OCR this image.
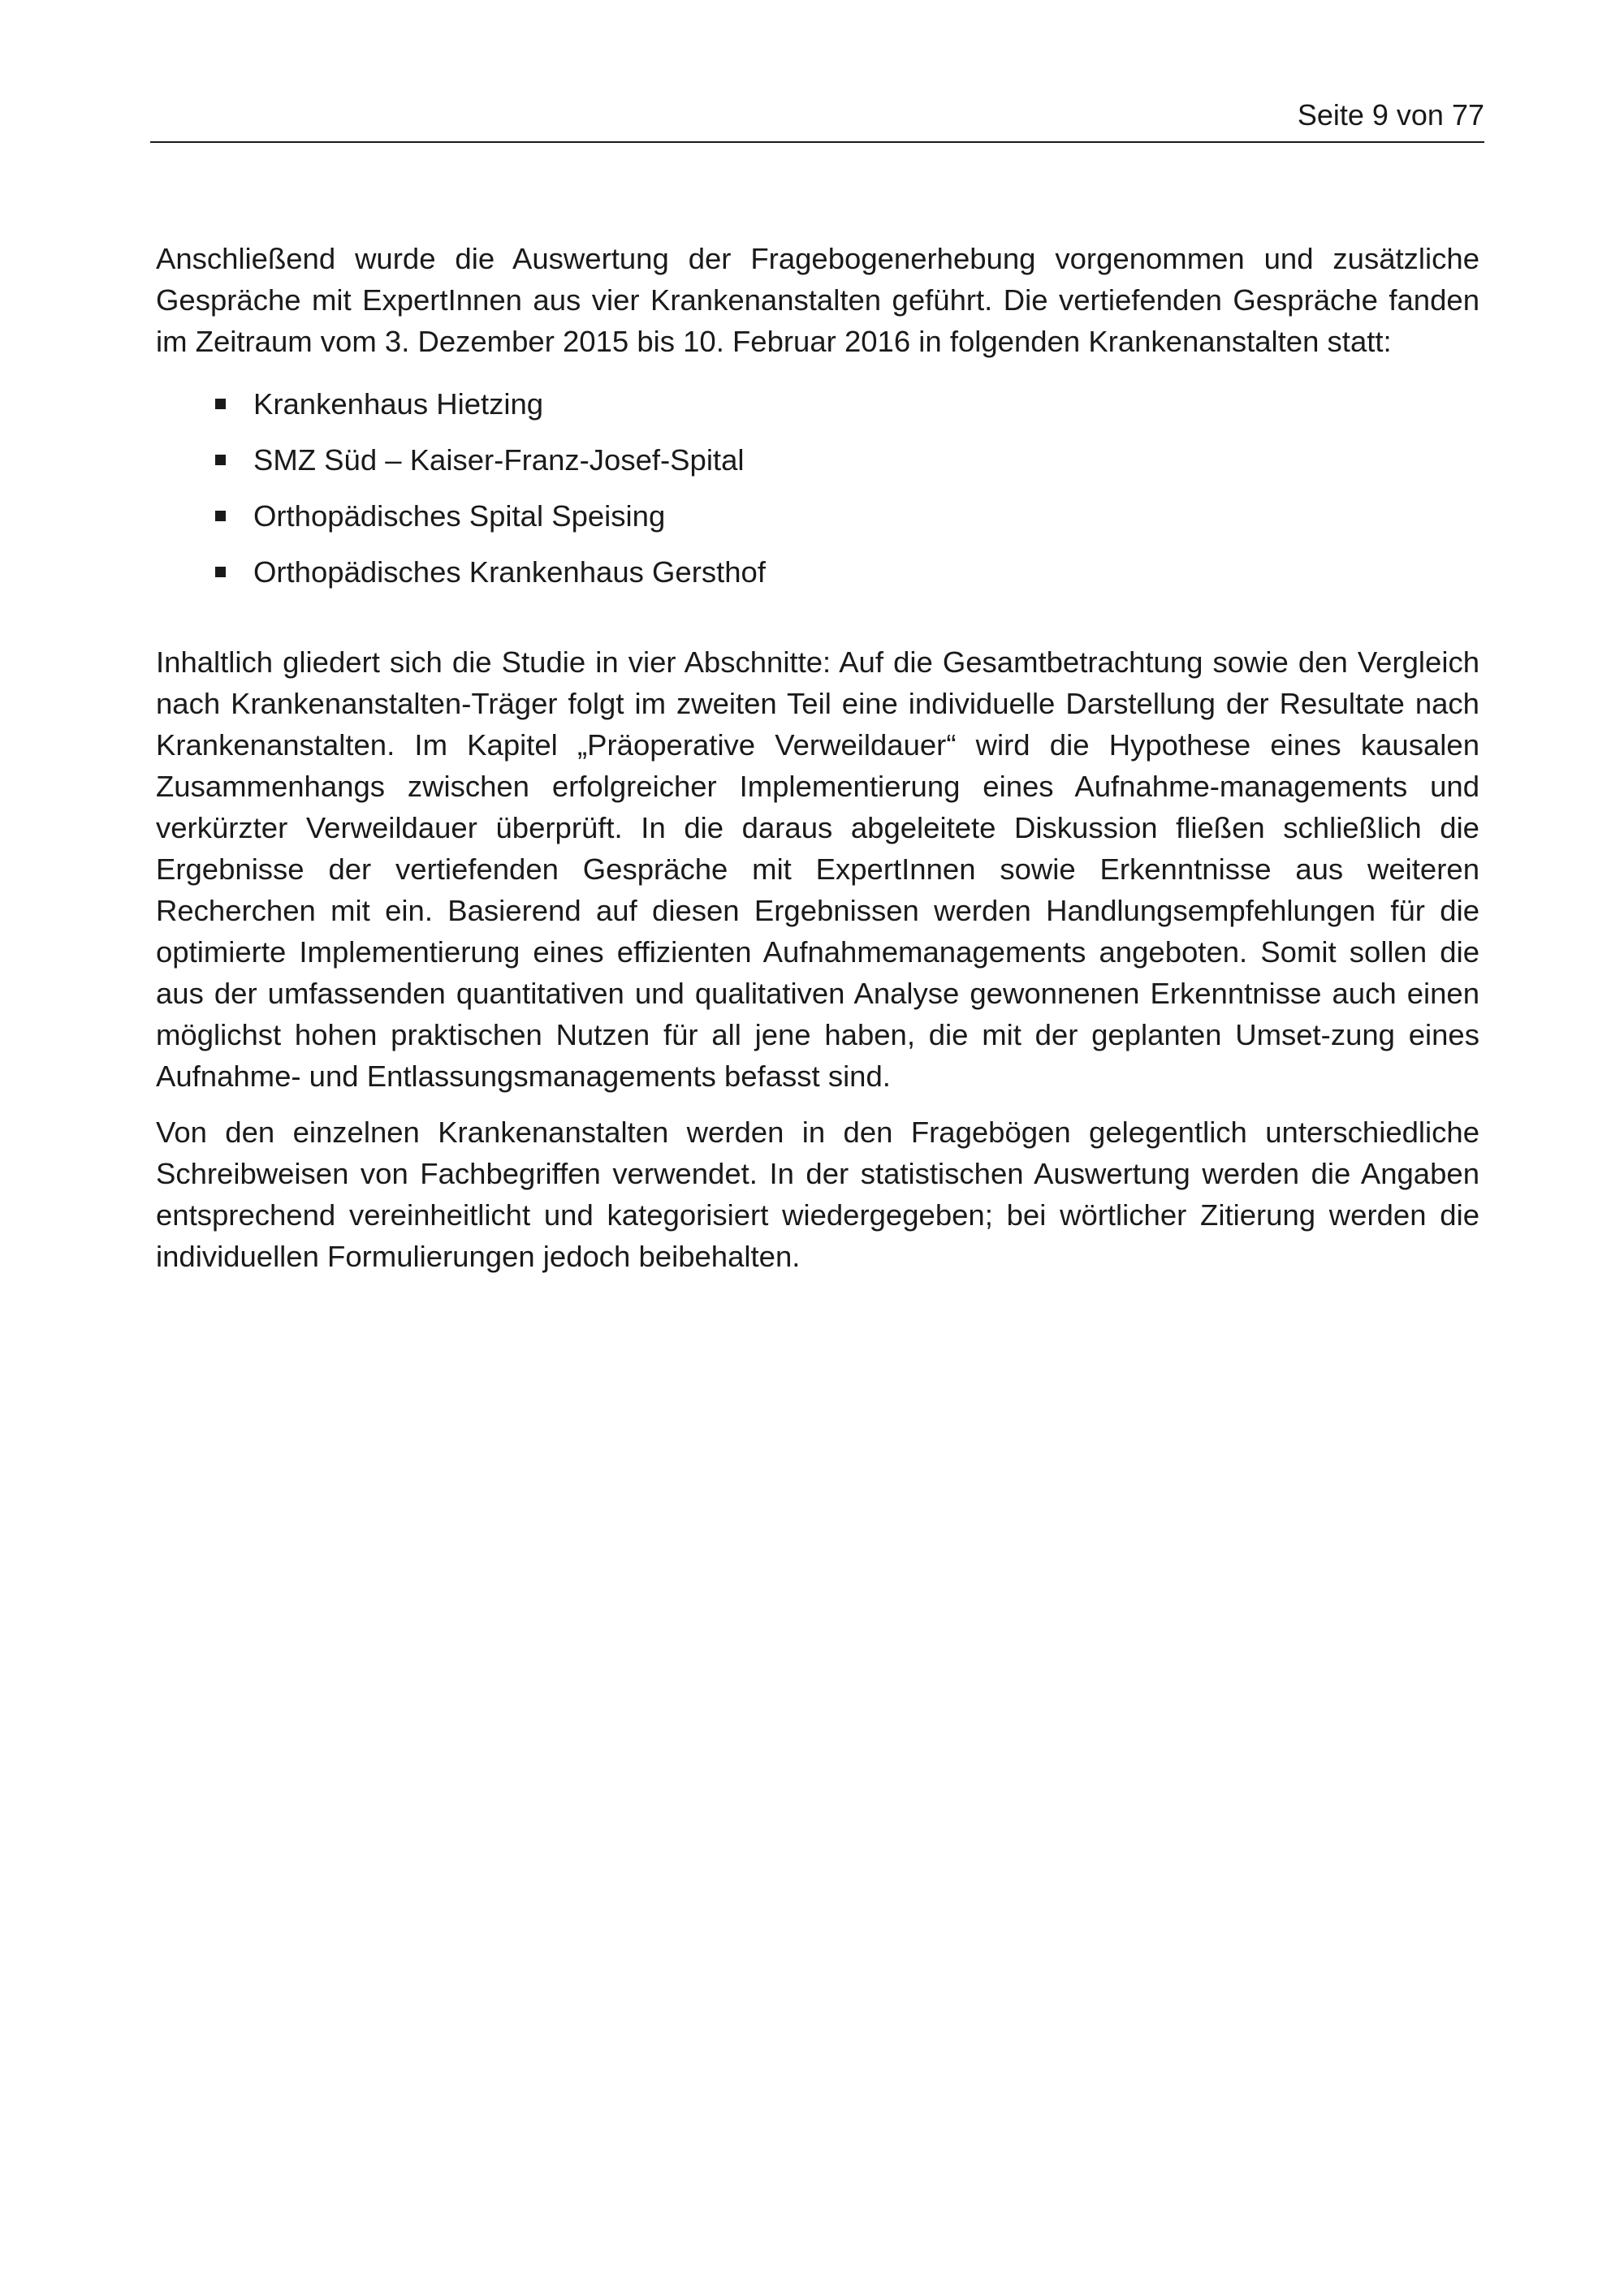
Seite 9 von 77

Anschließend wurde die Auswertung der Fragebogenerhebung vorgenommen und zusätzliche Gespräche mit ExpertInnen aus vier Krankenanstalten geführt. Die vertiefenden Gespräche fanden im Zeitraum vom 3. Dezember 2015 bis 10. Februar 2016 in folgenden Krankenanstalten statt:

Krankenhaus Hietzing
SMZ Süd – Kaiser-Franz-Josef-Spital
Orthopädisches Spital Speising
Orthopädisches Krankenhaus Gersthof

Inhaltlich gliedert sich die Studie in vier Abschnitte: Auf die Gesamtbetrachtung sowie den Vergleich nach Krankenanstalten-Träger folgt im zweiten Teil eine individuelle Darstellung der Resultate nach Krankenanstalten. Im Kapitel „Präoperative Verweildauer“ wird die Hypothese eines kausalen Zusammenhangs zwischen erfolgreicher Implementierung eines Aufnahme-managements und verkürzter Verweildauer überprüft. In die daraus abgeleitete Diskussion fließen schließlich die Ergebnisse der vertiefenden Gespräche mit ExpertInnen sowie Erkenntnisse aus weiteren Recherchen mit ein. Basierend auf diesen Ergebnissen werden Handlungsempfehlungen für die optimierte Implementierung eines effizienten Aufnahmemanagements angeboten. Somit sollen die aus der umfassenden quantitativen und qualitativen Analyse gewonnenen Erkenntnisse auch einen möglichst hohen praktischen Nutzen für all jene haben, die mit der geplanten Umset-zung eines Aufnahme- und Entlassungsmanagements befasst sind.

Von den einzelnen Krankenanstalten werden in den Fragebögen gelegentlich unterschiedliche Schreibweisen von Fachbegriffen verwendet. In der statistischen Auswertung werden die Angaben entsprechend vereinheitlicht und kategorisiert wiedergegeben; bei wörtlicher Zitierung werden die individuellen Formulierungen jedoch beibehalten.
